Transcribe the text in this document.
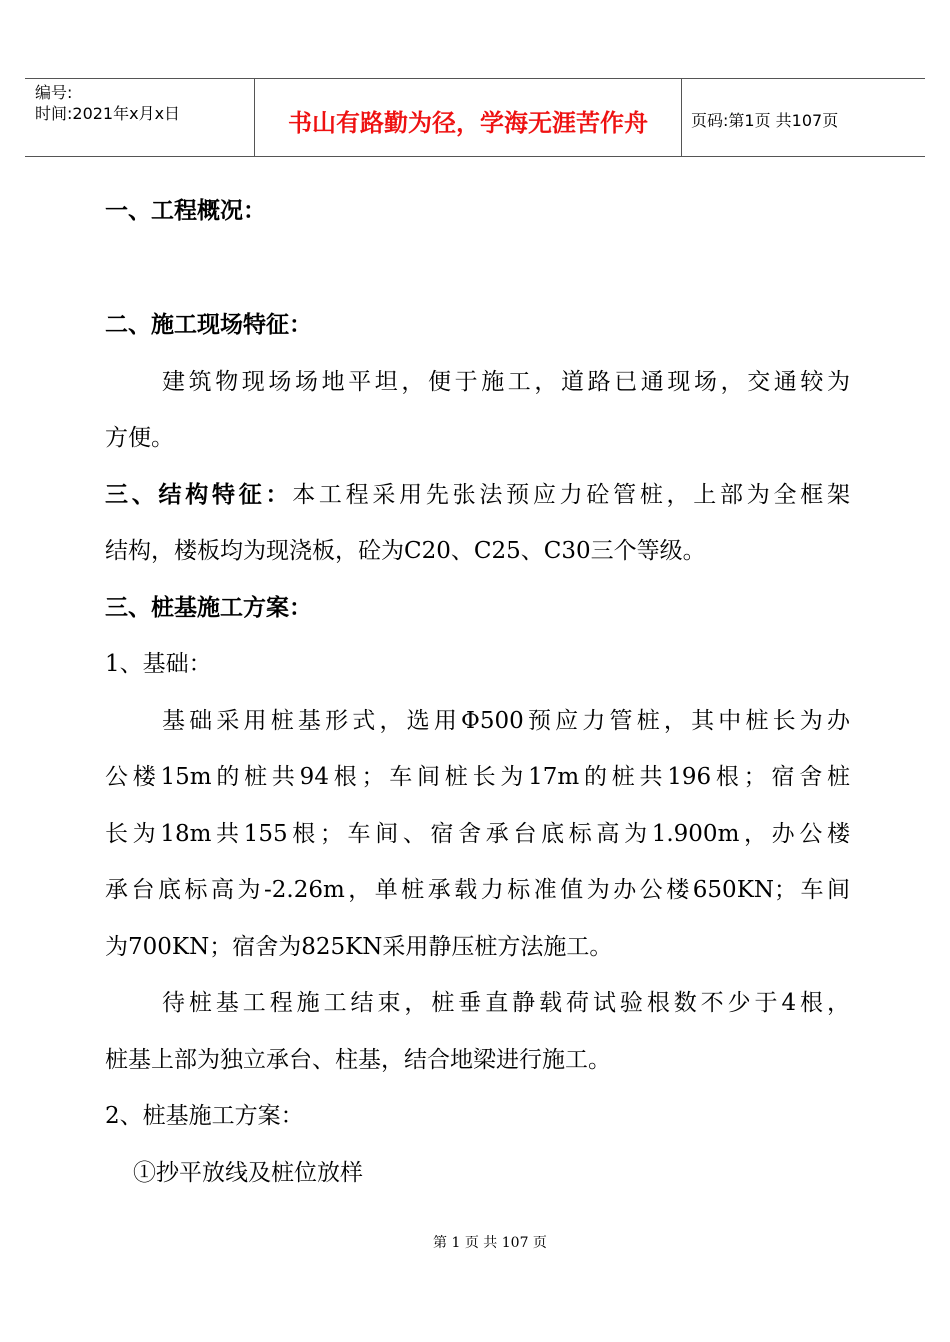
编号:
时间:2021年x月x日	书山有路勤为径，学海无涯苦作舟	页码:第1页 共107页
一、工程概况：
二、施工现场特征：
建筑物现场场地平坦，便于施工，道路已通现场，交通较为
方便。
三、结构特征：本工程采用先张法预应力砼管桩，上部为全框架
结构，楼板均为现浇板，砼为C20、C25、C30三个等级。
三、桩基施工方案：
1、基础：
基础采用桩基形式，选用Φ500预应力管桩，其中桩长为办
公楼15m的桩共94根；车间桩长为17m的桩共196根；宿舍桩
长为18m共155根；车间、宿舍承台底标高为1.900m，办公楼
承台底标高为-2.26m，单桩承载力标准值为办公楼650KN；车间
为700KN；宿舍为825KN采用静压桩方法施工。
待桩基工程施工结束，桩垂直静载荷试验根数不少于4根，
桩基上部为独立承台、柱基，结合地梁进行施工。
2、桩基施工方案：
①抄平放线及桩位放样
第 1 页 共 107 页
